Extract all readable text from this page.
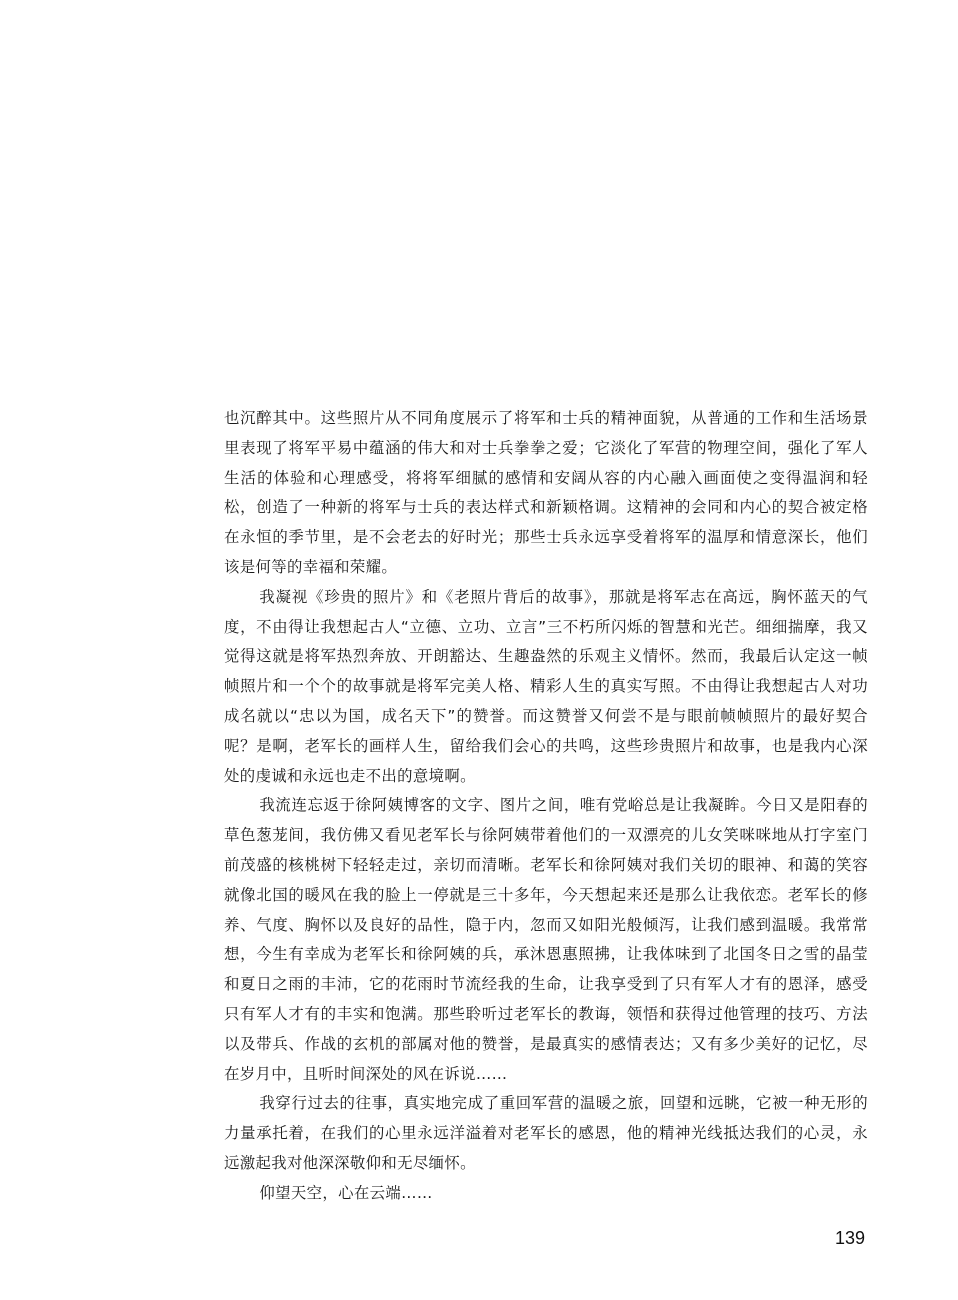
也沉醉其中。这些照片从不同角度展示了将军和士兵的精神面貌，从普通的工作和生活场景里表现了将军平易中蕴涵的伟大和对士兵拳拳之爱；它淡化了军营的物理空间，强化了军人生活的体验和心理感受，将将军细腻的感情和安阔从容的内心融入画面使之变得温润和轻松，创造了一种新的将军与士兵的表达样式和新颖格调。这精神的会同和内心的契合被定格在永恒的季节里，是不会老去的好时光；那些士兵永远享受着将军的温厚和情意深长，他们该是何等的幸福和荣耀。

我凝视《珍贵的照片》和《老照片背后的故事》，那就是将军志在高远，胸怀蓝天的气度，不由得让我想起古人“立德、立功、立言”三不朽所闪烁的智慧和光芒。细细揣摩，我又觉得这就是将军热烈奔放、开朗豁达、生趣盎然的乐观主义情怀。然而，我最后认定这一帧帧照片和一个个的故事就是将军完美人格、精彩人生的真实写照。不由得让我想起古人对功成名就以“忠以为国，成名天下”的赞誉。而这赞誉又何尝不是与眼前帧帧照片的最好契合呢？是啊，老军长的画样人生，留给我们会心的共鸣，这些珍贵照片和故事，也是我内心深处的虔诚和永远也走不出的意境啊。

我流连忘返于徐阿姨博客的文字、图片之间，唯有党峪总是让我凝眸。今日又是阳春的草色葱茏间，我仿佛又看见老军长与徐阿姨带着他们的一双漂亮的儿女笑咪咪地从打字室门前茂盛的核桃树下轻轻走过，亲切而清晰。老军长和徐阿姨对我们关切的眼神、和蔼的笑容就像北国的暖风在我的脸上一停就是三十多年，今天想起来还是那么让我依恋。老军长的修养、气度、胸怀以及良好的品性，隐于内，忽而又如阳光般倾泻，让我们感到温暖。我常常想，今生有幸成为老军长和徐阿姨的兵，承沐恩惠照拂，让我体味到了北国冬日之雪的晶莹和夏日之雨的丰沛，它的花雨时节流经我的生命，让我享受到了只有军人才有的恩泽，感受只有军人才有的丰实和饱满。那些聆听过老军长的教诲，领悟和获得过他管理的技巧、方法以及带兵、作战的玄机的部属对他的赞誉，是最真实的感情表达；又有多少美好的记忆，尽在岁月中，且听时间深处的风在诉说……

我穿行过去的往事，真实地完成了重回军营的温暖之旅，回望和远眺，它被一种无形的力量承托着，在我们的心里永远洋溢着对老军长的感恩，他的精神光线抵达我们的心灵，永远激起我对他深深敬仰和无尽缅怀。

仰望天空，心在云端……

139
